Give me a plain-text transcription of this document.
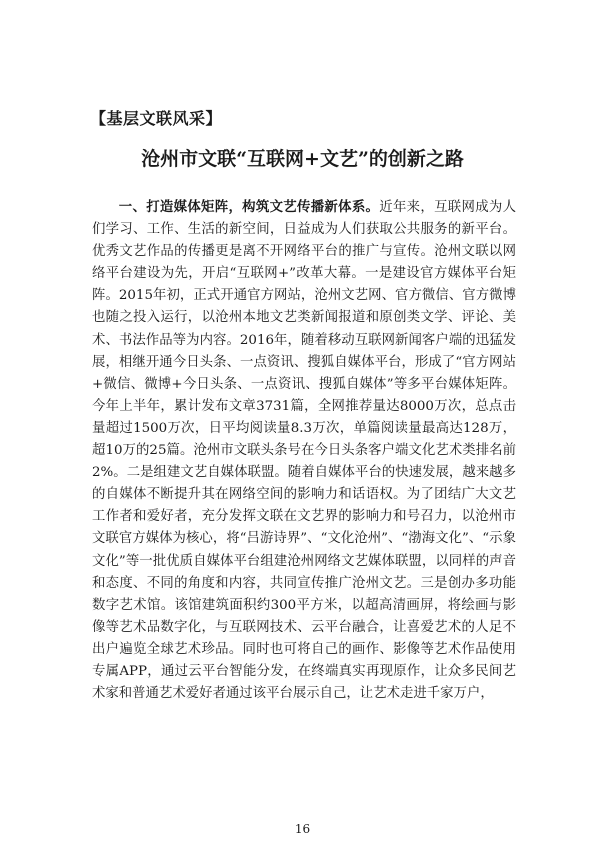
【基层文联风采】

沧州市文联“互联网+文艺”的创新之路

一、打造媒体矩阵，构筑文艺传播新体系。近年来，互联网成为人们学习、工作、生活的新空间，日益成为人们获取公共服务的新平台。优秀文艺作品的传播更是离不开网络平台的推广与宣传。沧州文联以网络平台建设为先，开启“互联网+”改革大幕。一是建设官方媒体平台矩阵。2015年初，正式开通官方网站，沧州文艺网、官方微信、官方微博也随之投入运行，以沧州本地文艺类新闻报道和原创类文学、评论、美术、书法作品等为内容。2016年，随着移动互联网新闻客户端的迅猛发展，相继开通今日头条、一点资讯、搜狐自媒体平台，形成了“官方网站+微信、微博+今日头条、一点资讯、搜狐自媒体”等多平台媒体矩阵。今年上半年，累计发布文章3731篇，全网推荐量达8000万次，总点击量超过1500万次，日平均阅读量8.3万次，单篇阅读量最高达128万，超10万的25篇。沧州市文联头条号在今日头条客户端文化艺术类排名前2%。二是组建文艺自媒体联盟。随着自媒体平台的快速发展，越来越多的自媒体不断提升其在网络空间的影响力和话语权。为了团结广大文艺工作者和爱好者，充分发挥文联在文艺界的影响力和号召力，以沧州市文联官方媒体为核心，将“吕游诗界”、“文化沧州”、“渤海文化”、“示象文化”等一批优质自媒体平台组建沧州网络文艺媒体联盟，以同样的声音和态度、不同的角度和内容，共同宣传推广沧州文艺。三是创办多功能数字艺术馆。该馆建筑面积约300平方米，以超高清画屏，将绘画与影像等艺术品数字化，与互联网技术、云平台融合，让喜爱艺术的人足不出户遍览全球艺术珍品。同时也可将自己的画作、影像等艺术作品使用专属APP，通过云平台智能分发，在终端真实再现原作，让众多民间艺术家和普通艺术爱好者通过该平台展示自己，让艺术走进千家万户，

16
